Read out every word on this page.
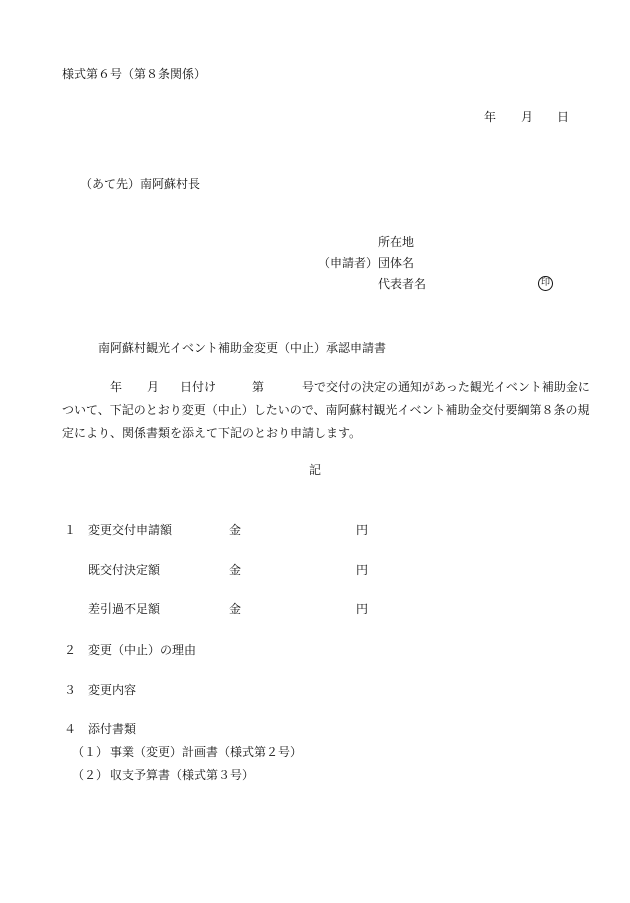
様式第６号（第８条関係）
年 月 日
（あて先）南阿蘇村長
所在地
（申請者） 団体名
代表者名	印
南阿蘇村観光イベント補助金変更（中止）承認申請書
年 月 日付け	第	号で交付の決定の通知があった観光イベント補助金に
ついて、下記のとおり変更（中止）したいので、南阿蘇村観光イベント補助金交付要綱第８条の規
定により、関係書類を添えて下記のとおり申請します。
記
１ 変更交付申請額	金	円
既交付決定額	金	円
差引過不足額	金	円
２ 変更（中止）の理由
３ 変更内容
４ 添付書類
（１） 事業（変更）計画書（様式第２号）
（２） 収支予算書（様式第３号）
